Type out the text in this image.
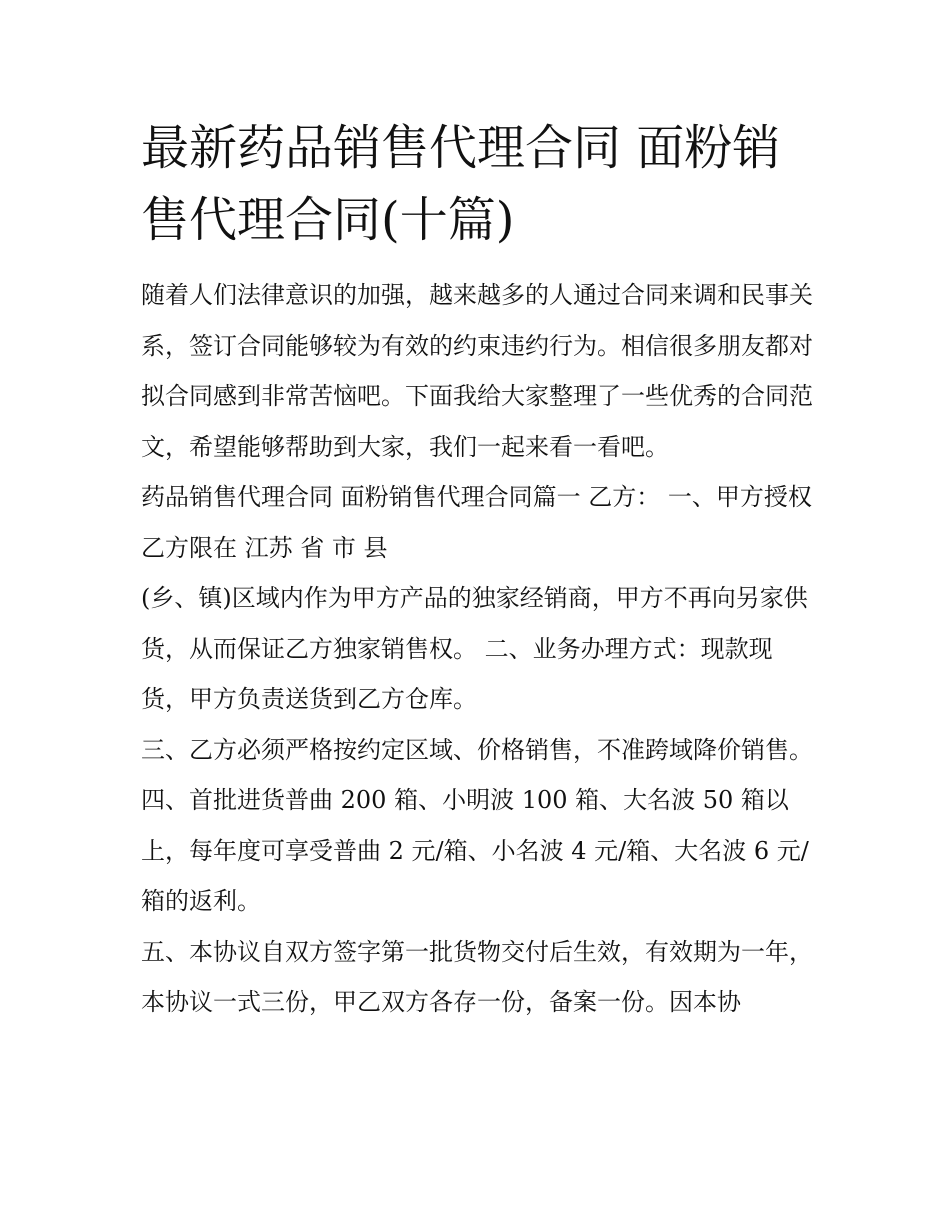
最新药品销售代理合同 面粉销售代理合同(十篇)

随着人们法律意识的加强，越来越多的人通过合同来调和民事关系，签订合同能够较为有效的约束违约行为。相信很多朋友都对拟合同感到非常苦恼吧。下面我给大家整理了一些优秀的合同范文，希望能够帮助到大家，我们一起来看一看吧。

药品销售代理合同 面粉销售代理合同篇一 乙方： 一、甲方授权乙方限在 江苏 省 市 县

(乡、镇)区域内作为甲方产品的独家经销商，甲方不再向另家供货，从而保证乙方独家销售权。 二、业务办理方式：现款现货，甲方负责送货到乙方仓库。

三、乙方必须严格按约定区域、价格销售，不准跨域降价销售。

四、首批进货普曲 200 箱、小明波 100 箱、大名波 50 箱以上，每年度可享受普曲 2 元/箱、小名波 4 元/箱、大名波 6 元/箱的返利。

五、本协议自双方签字第一批货物交付后生效，有效期为一年，本协议一式三份，甲乙双方各存一份，备案一份。因本协
